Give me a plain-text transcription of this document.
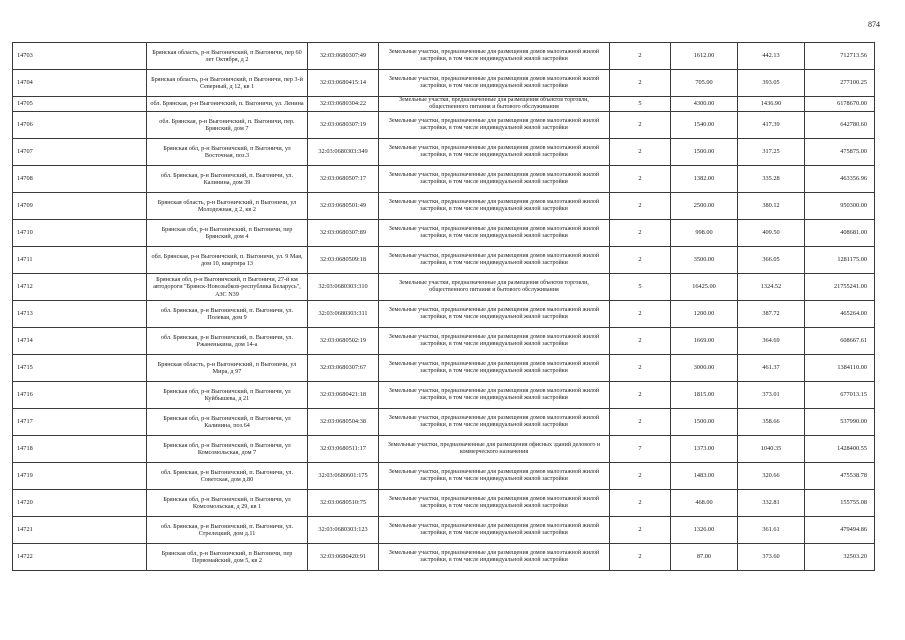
874
14703	Брянская область, р-н Выгоничский, п Выгоничи, пер 60 лет Октября, д 2	32:03:0680307:49	Земельные участки, предназначенные для размещения домов малоэтажной жилой застройки, в том числе индивидуальной жилой застройки	2	1612.00	442.13	712713.56
14704	Брянская область, р-н Выгоничский, п Выгоничи, пер 3-й Северный, д 12, кв 1	32:03:0680415:14	Земельные участки, предназначенные для размещения домов малоэтажной жилой застройки, в том числе индивидуальной жилой застройки	2	705.00	393.05	277100.25
14705	обл. Брянская, р-н Выгоничский, п. Выгоничи, ул. Ленина	32:03:0680304:22	Земельные участки, предназначенные для размещения объектов торговли, общественного питания и бытового обслуживания	5	4300.00	1436.90	6178670.00
14706	обл. Брянская, р-н Выгоничский, п. Выгоничи, пер. Брянский, дом 7	32:03:0680307:19	Земельные участки, предназначенные для размещения домов малоэтажной жилой застройки, в том числе индивидуальной жилой застройки	2	1540.00	417.39	642780.60
14707	Брянская обл, р-н Выгоничский, п Выгоничи, ул Восточная, поз.3	32:03:0680303:349	Земельные участки, предназначенные для размещения домов малоэтажной жилой застройки, в том числе индивидуальной жилой застройки	2	1500.00	317.25	475875.00
14708	обл. Брянская, р-н Выгоничский, п. Выгоничи, ул. Калинина, дом 39	32:03:0680507:17	Земельные участки, предназначенные для размещения домов малоэтажной жилой застройки, в том числе индивидуальной жилой застройки	2	1382.00	335.28	463356.96
14709	Брянская область, р-н Выгоничский, п Выгоничи, ул Молодежная, д 2, кв 2	32:03:0680501:49	Земельные участки, предназначенные для размещения домов малоэтажной жилой застройки, в том числе индивидуальной жилой застройки	2	2500.00	380.12	950300.00
14710	Брянская обл, р-н Выгоничский, п Выгоничи, пер Брянский, дом 4	32:03:0680307:89	Земельные участки, предназначенные для размещения домов малоэтажной жилой застройки, в том числе индивидуальной жилой застройки	2	998.00	409.50	408681.00
14711	обл. Брянская, р-н Выгоничский, п. Выгоничи, ул. 9 Мая, дом 10, квартира 13	32:03:0680509:18	Земельные участки, предназначенные для размещения домов малоэтажной жилой застройки, в том числе индивидуальной жилой застройки	2	3500.00	366.05	1281175.00
14712	Брянская обл, р-н Выгоничский, п Выгоничи, 27-й км автодороги "Брянск-Новозыбков-республика Беларусь", АЗС N39	32:03:0680303:310	Земельные участки, предназначенные для размещения объектов торговли, общественного питания и бытового обслуживания	5	16425.00	1324.52	21755241.00
14713	обл. Брянская, р-н Выгоничский, п. Выгоничи, ул. Полевая, дом 9	32:03:0680303:311	Земельные участки, предназначенные для размещения домов малоэтажной жилой застройки, в том числе индивидуальной жилой застройки	2	1200.00	387.72	465264.00
14714	обл. Брянская, р-н Выгоничский, п. Выгоничи, ул. Ржаненькина, дом 14-а	32:03:0680502:19	Земельные участки, предназначенные для размещения домов малоэтажной жилой застройки, в том числе индивидуальной жилой застройки	2	1669.00	364.69	608667.61
14715	Брянская область, р-н Выгоничский, п Выгоничи, ул Мира, д 97	32:03:0680307:67	Земельные участки, предназначенные для размещения домов малоэтажной жилой застройки, в том числе индивидуальной жилой застройки	2	3000.00	461.37	1384110.00
14716	Брянская обл, р-н Выгоничский, п Выгоничи, ул Куйбышева, д 21	32:03:0680421:18	Земельные участки, предназначенные для размещения домов малоэтажной жилой застройки, в том числе индивидуальной жилой застройки	2	1815.00	373.01	677013.15
14717	Брянская обл, р-н Выгоничский, п Выгоничи, ул Калинина, поз.64	32:03:0680504:38	Земельные участки, предназначенные для размещения домов малоэтажной жилой застройки, в том числе индивидуальной жилой застройки	2	1500.00	358.66	537990.00
14718	Брянская обл, р-н Выгоничский, п Выгоничи, ул Комсомольская, дом 7	32:03:0680511:17	Земельные участки, предназначенные для размещения офисных зданий делового и коммерческого назначения	7	1373.00	1040.35	1428400.55
14719	обл. Брянская, р-н Выгоничский, п. Выгоничи, ул. Советская, дом д.80	32:03:0680601:175	Земельные участки, предназначенные для размещения домов малоэтажной жилой застройки, в том числе индивидуальной жилой застройки	2	1483.00	320.66	475538.78
14720	Брянская обл, р-н Выгоничский, п Выгоничи, ул Комсомольская, д 29, кв 1	32:03:0680510:75	Земельные участки, предназначенные для размещения домов малоэтажной жилой застройки, в том числе индивидуальной жилой застройки	2	468.00	332.81	155755.08
14721	обл. Брянская, р-н Выгоничский, п. Выгоничи, ул. Стрелецкий, дом д.11	32:03:0680303:123	Земельные участки, предназначенные для размещения домов малоэтажной жилой застройки, в том числе индивидуальной жилой застройки	2	1326.00	361.61	479494.86
14722	Брянская обл, р-н Выгоничский, п Выгоничи, пер Первомайский, дом 5, кв 2	32:03:0680420:91	Земельные участки, предназначенные для размещения домов малоэтажной жилой застройки, в том числе индивидуальной жилой застройки	2	87.00	373.60	32503.20
